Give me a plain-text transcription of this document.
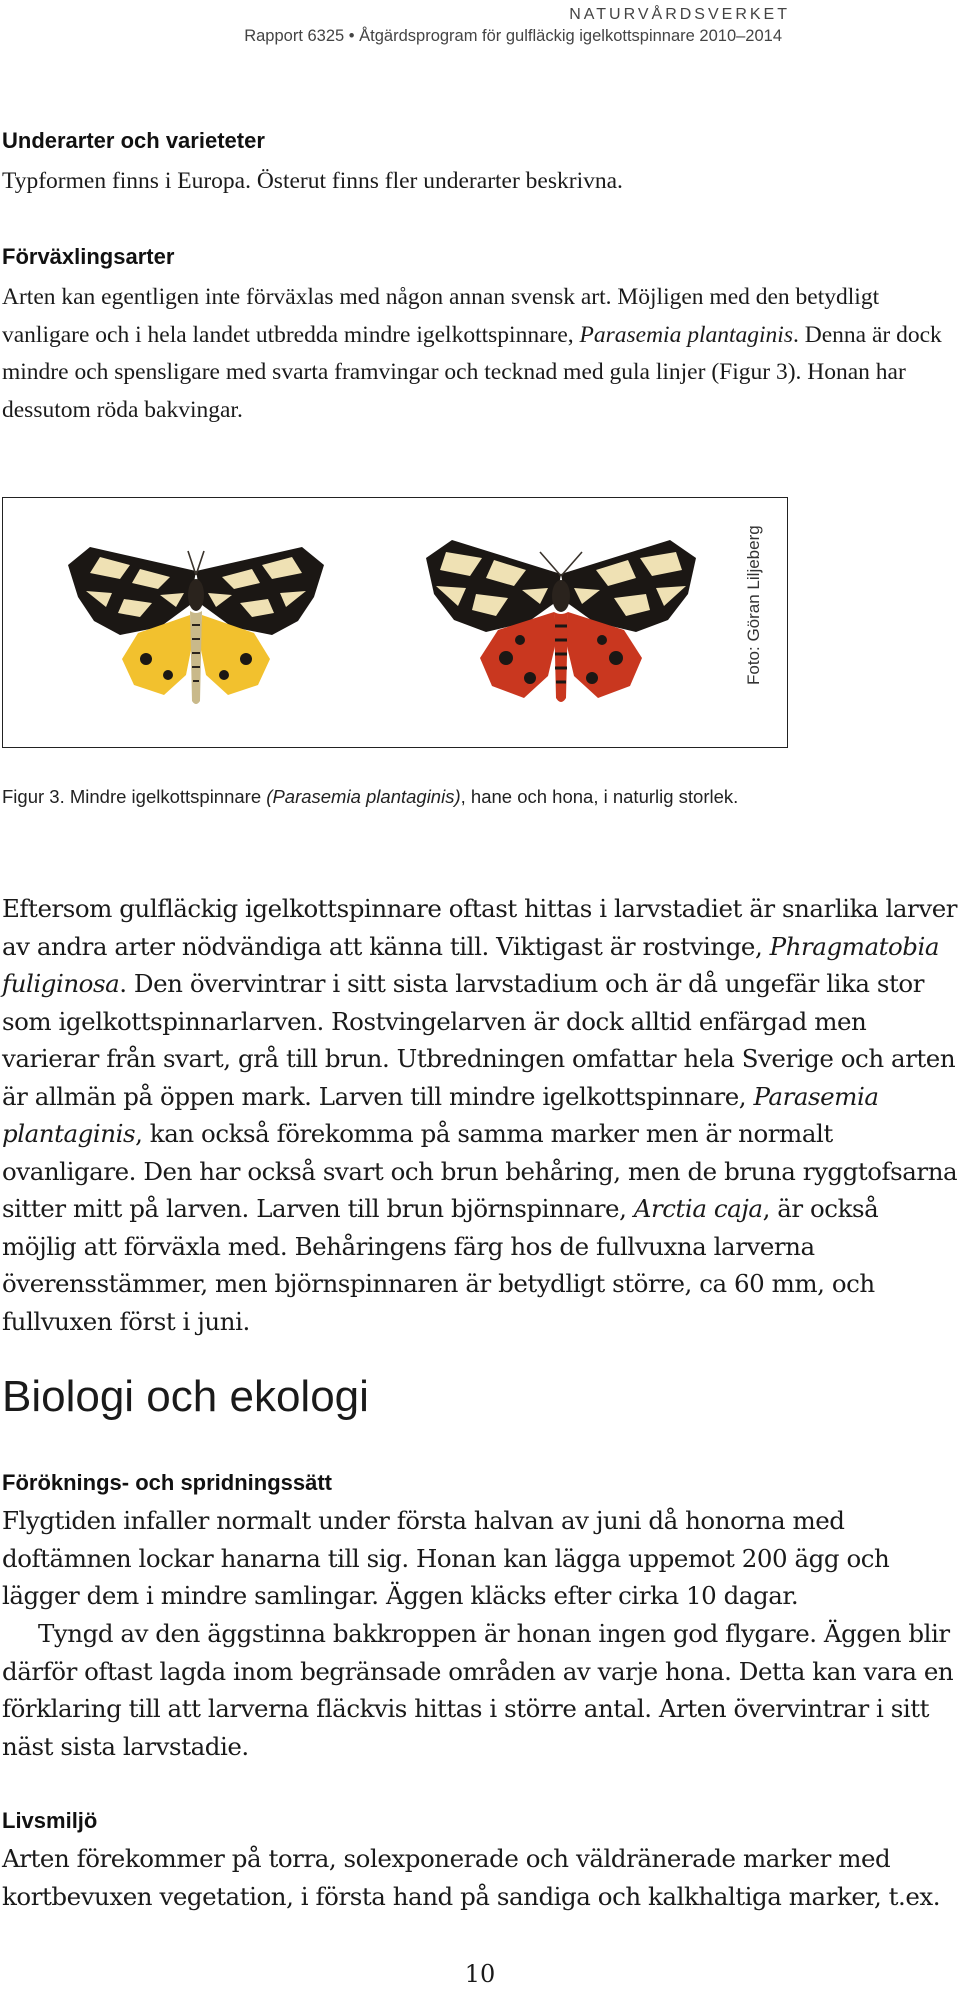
NATURVÅRDSVERKET
Rapport 6325 • Åtgärdsprogram för gulfläckig igelkottspinnare 2010–2014
Underarter och varieteter

Typformen finns i Europa. Österut finns fler underarter beskrivna.

Förväxlingsarter

Arten kan egentligen inte förväxlas med någon annan svensk art. Möjligen med den betydligt vanligare och i hela landet utbredda mindre igelkottspinnare, Parasemia plantaginis. Denna är dock mindre och spensligare med svarta framvingar och tecknad med gula linjer (Figur 3). Honan har dessutom röda bakvingar.

Foto: Göran Liljeberg
Figur 3. Mindre igelkottspinnare (Parasemia plantaginis), hane och hona, i naturlig storlek.

Eftersom gulfläckig igelkottspinnare oftast hittas i larvstadiet är snarlika larver av andra arter nödvändiga att känna till. Viktigast är rostvinge, Phragmatobia fuliginosa. Den övervintrar i sitt sista larvstadium och är då ungefär lika stor som igelkottspinnarlarven. Rostvingelarven är dock alltid enfärgad men varierar från svart, grå till brun. Utbredningen omfattar hela Sverige och arten är allmän på öppen mark. Larven till mindre igelkottspinnare, Parasemia plantaginis, kan också förekomma på samma marker men är normalt ovanligare. Den har också svart och brun behåring, men de bruna ryggtofsarna sitter mitt på larven. Larven till brun björnspinnare, Arctia caja, är också möjlig att förväxla med. Behåringens färg hos de fullvuxna larverna överensstämmer, men björnspinnaren är betydligt större, ca 60 mm, och fullvuxen först i juni.

Biologi och ekologi
Föröknings- och spridningssätt

Flygtiden infaller normalt under första halvan av juni då honorna med doftämnen lockar hanarna till sig. Honan kan lägga uppemot 200 ägg och lägger dem i mindre samlingar. Äggen kläcks efter cirka 10 dagar.

Tyngd av den äggstinna bakkroppen är honan ingen god flygare. Äggen blir därför oftast lagda inom begränsade områden av varje hona. Detta kan vara en förklaring till att larverna fläckvis hittas i större antal. Arten övervintrar i sitt näst sista larvstadie.

Livsmiljö

Arten förekommer på torra, solexponerade och väldränerade marker med kortbevuxen vegetation, i första hand på sandiga och kalkhaltiga marker, t.ex.

10
